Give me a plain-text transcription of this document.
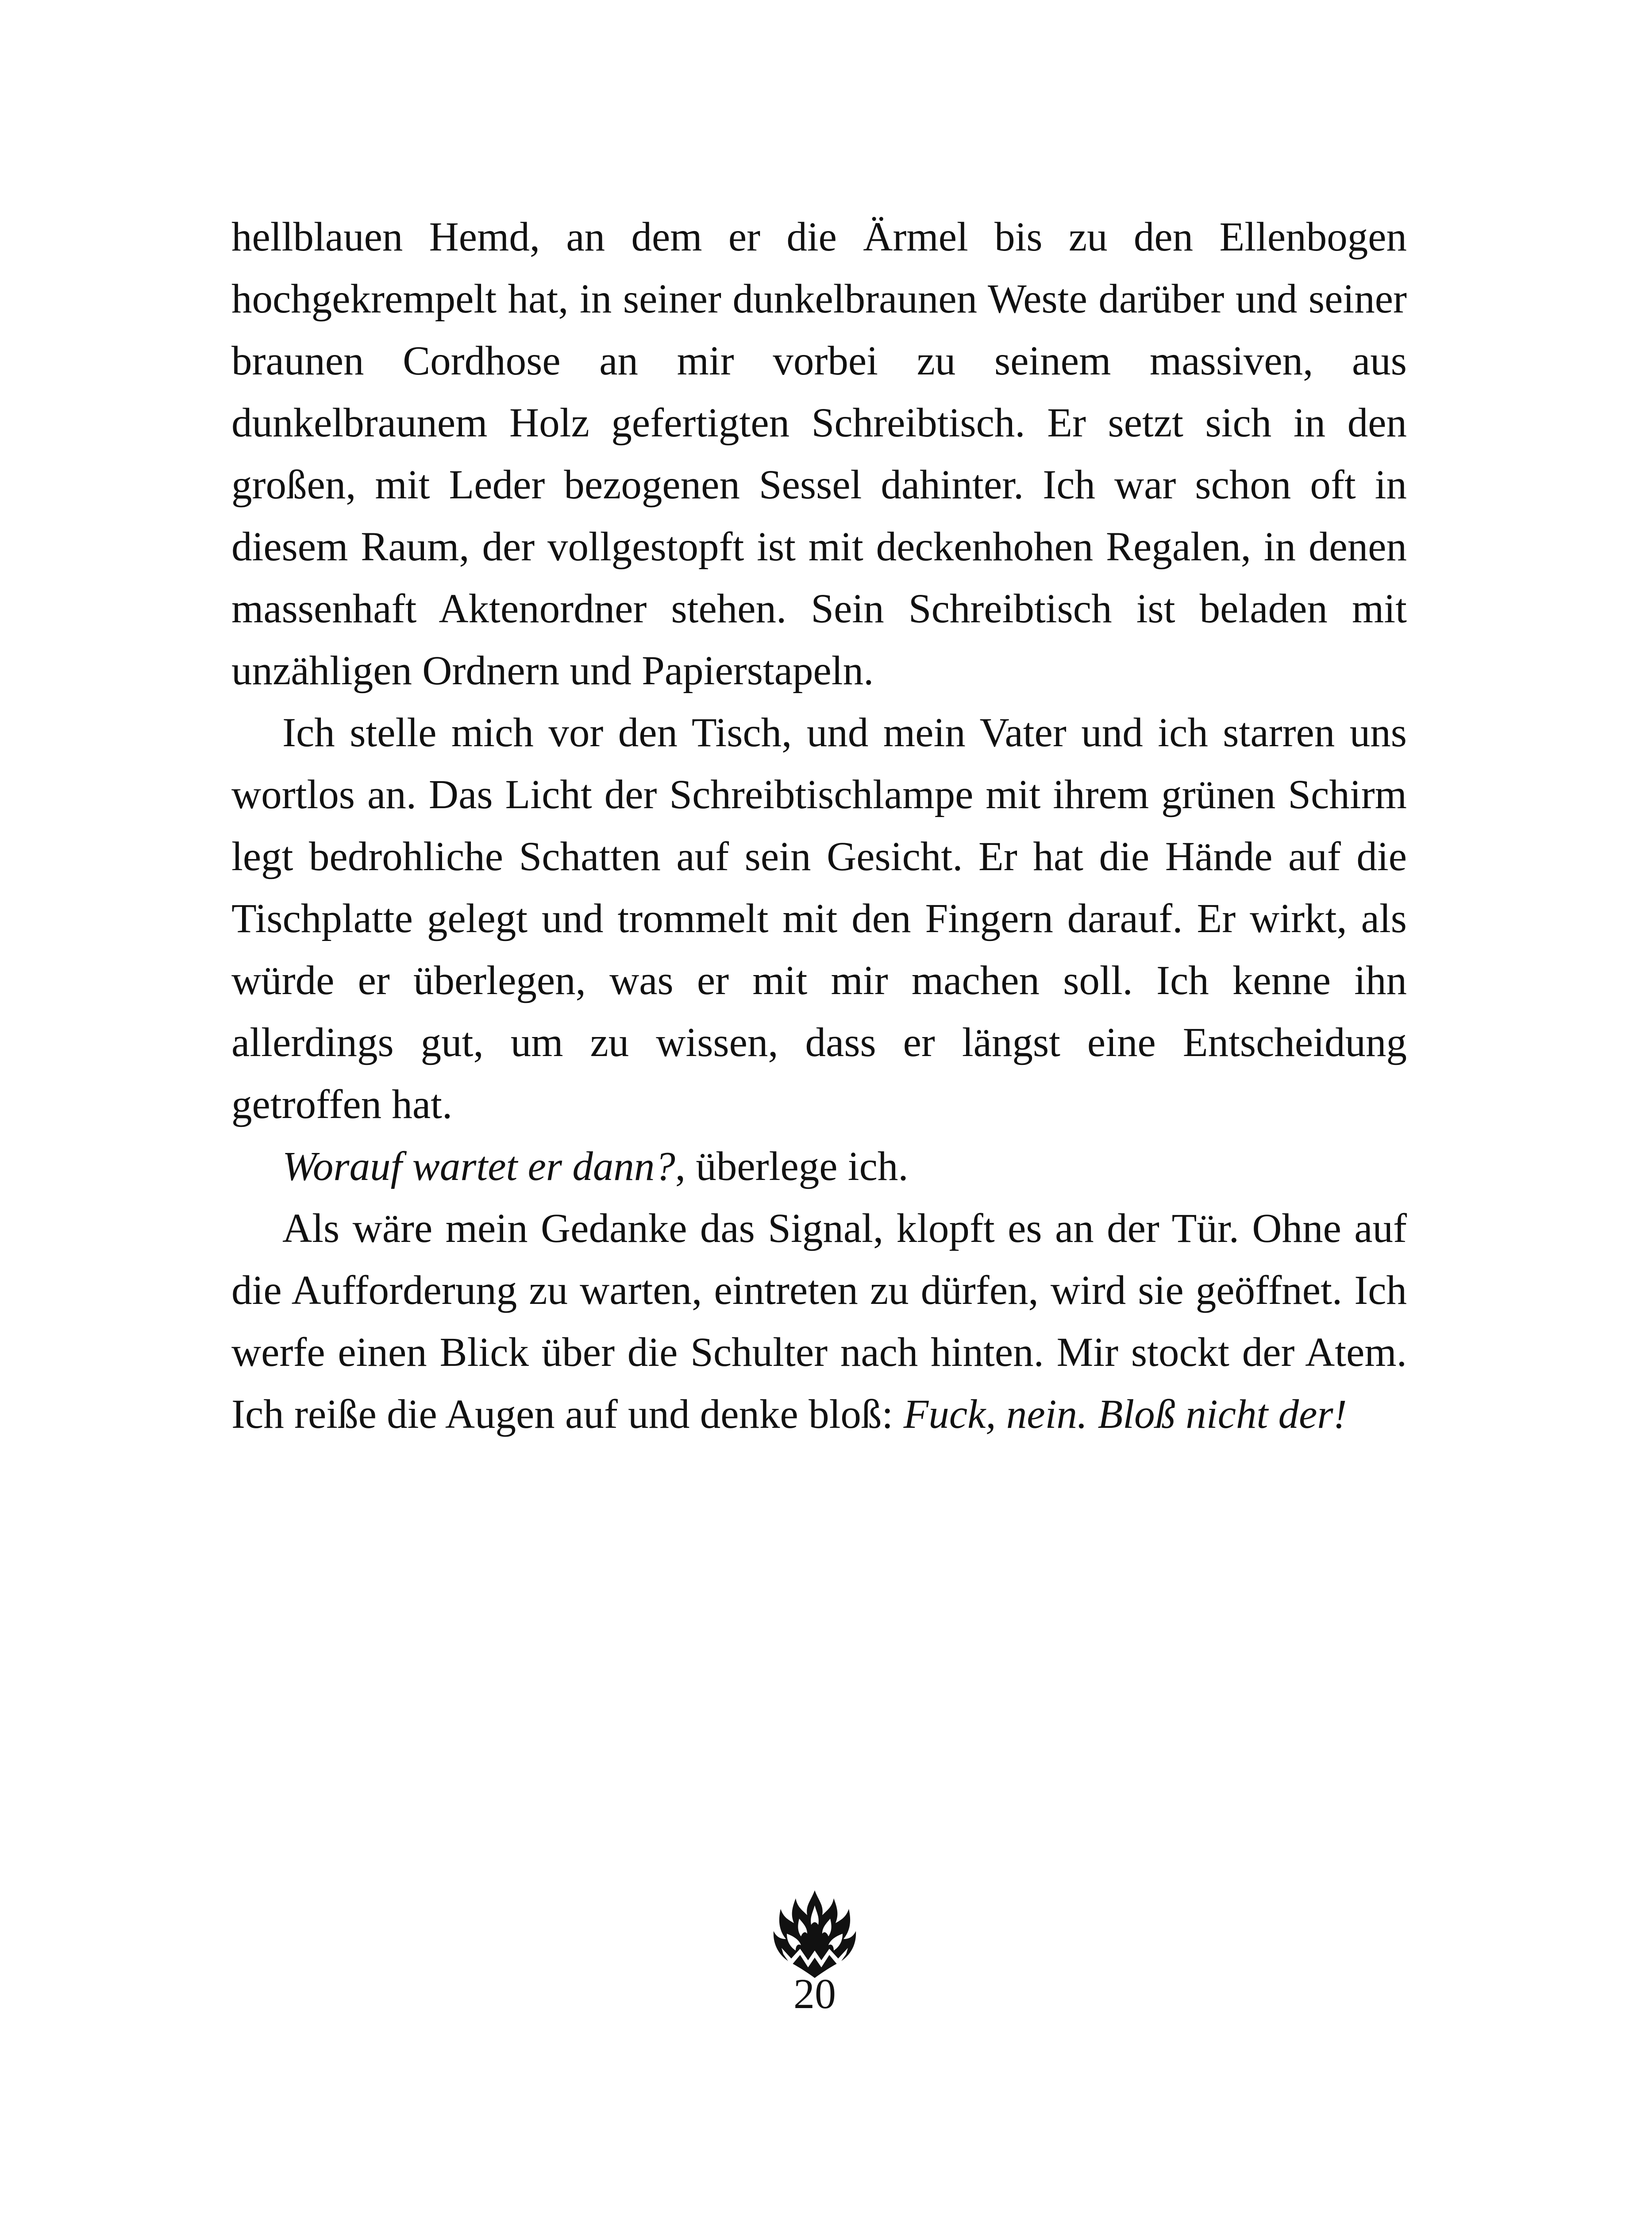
hellblauen Hemd, an dem er die Ärmel bis zu den Ellenbogen hochgekrempelt hat, in seiner dunkelbraunen Weste darüber und seiner braunen Cordhose an mir vorbei zu seinem massiven, aus dunkelbraunem Holz gefertigten Schreibtisch. Er setzt sich in den großen, mit Leder bezogenen Sessel dahinter. Ich war schon oft in diesem Raum, der vollgestopft ist mit deckenhohen Regalen, in denen massenhaft Aktenordner stehen. Sein Schreibtisch ist beladen mit unzähligen Ordnern und Papierstapeln.

Ich stelle mich vor den Tisch, und mein Vater und ich starren uns wortlos an. Das Licht der Schreibtischlampe mit ihrem grünen Schirm legt bedrohliche Schatten auf sein Gesicht. Er hat die Hände auf die Tischplatte gelegt und trommelt mit den Fingern darauf. Er wirkt, als würde er überlegen, was er mit mir machen soll. Ich kenne ihn allerdings gut, um zu wissen, dass er längst eine Entscheidung getroffen hat.

Worauf wartet er dann?, überlege ich.

Als wäre mein Gedanke das Signal, klopft es an der Tür. Ohne auf die Aufforderung zu warten, eintreten zu dürfen, wird sie geöffnet. Ich werfe einen Blick über die Schulter nach hinten. Mir stockt der Atem. Ich reiße die Augen auf und denke bloß: Fuck, nein. Bloß nicht der!

20
